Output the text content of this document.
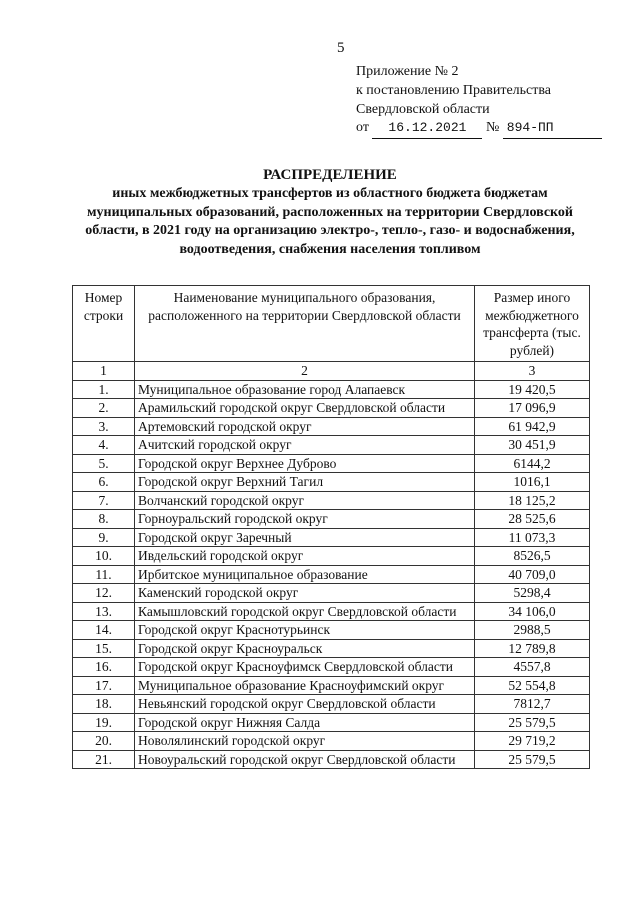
5
Приложение № 2
к постановлению Правительства
Свердловской области
от 16.12.2021 № 894-ПП
РАСПРЕДЕЛЕНИЕ
иных межбюджетных трансфертов из областного бюджета бюджетам муниципальных образований, расположенных на территории Свердловской области, в 2021 году на организацию электро-, тепло-, газо- и водоснабжения, водоотведения, снабжения населения топливом
Номер строки	Наименование муниципального образования, расположенного на территории Свердловской области	Размер иного межбюджетного трансферта (тыс. рублей)
1	2	3
1.	Муниципальное образование город Алапаевск	19 420,5
2.	Арамильский городской округ Свердловской области	17 096,9
3.	Артемовский городской округ	61 942,9
4.	Ачитский городской округ	30 451,9
5.	Городской округ Верхнее Дуброво	6144,2
6.	Городской округ Верхний Тагил	1016,1
7.	Волчанский городской округ	18 125,2
8.	Горноуральский городской округ	28 525,6
9.	Городской округ Заречный	11 073,3
10.	Ивдельский городской округ	8526,5
11.	Ирбитское муниципальное образование	40 709,0
12.	Каменский городской округ	5298,4
13.	Камышловский городской округ Свердловской области	34 106,0
14.	Городской округ Краснотурьинск	2988,5
15.	Городской округ Красноуральск	12 789,8
16.	Городской округ Красноуфимск Свердловской области	4557,8
17.	Муниципальное образование Красноуфимский округ	52 554,8
18.	Невьянский городской округ Свердловской области	7812,7
19.	Городской округ Нижняя Салда	25 579,5
20.	Новолялинский городской округ	29 719,2
21.	Новоуральский городской округ Свердловской области	25 579,5
